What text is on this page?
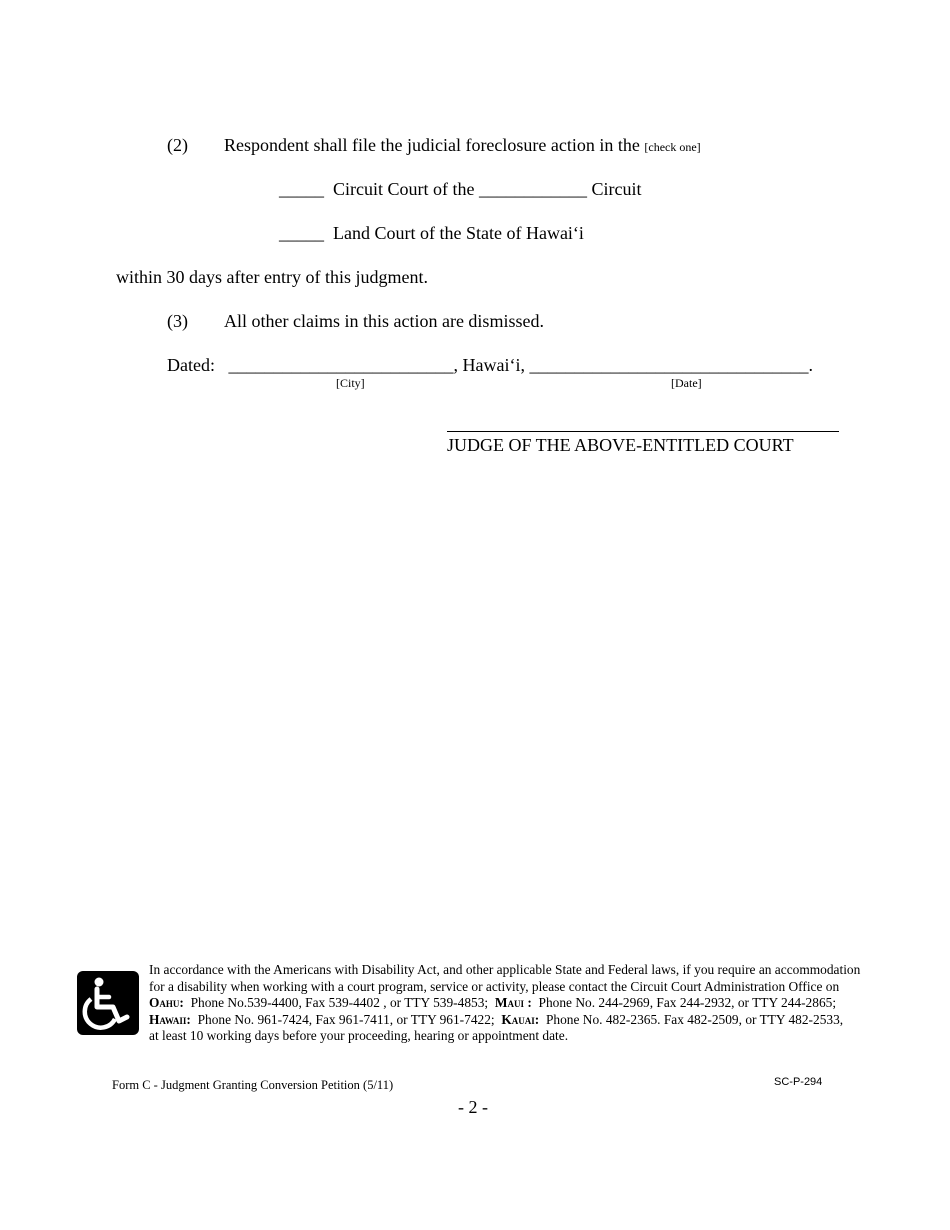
(2) Respondent shall file the judicial foreclosure action in the [check one]
_____ Circuit Court of the ____________ Circuit
_____ Land Court of the State of Hawai‘i
within 30 days after entry of this judgment.
(3) All other claims in this action are dismissed.
Dated: _________________________, Hawai‘i, _______________________________.
[City]	[Date]
JUDGE OF THE ABOVE-ENTITLED COURT
In accordance with the Americans with Disability Act, and other applicable State and Federal laws, if you require an accommodation
for a disability when working with a court program, service or activity, please contact the Circuit Court Administration Office on
Oahu: Phone No.539-4400, Fax 539-4402 , or TTY 539-4853; Maui : Phone No. 244-2969, Fax 244-2932, or TTY 244-2865;
Hawaii: Phone No. 961-7424, Fax 961-7411, or TTY 961-7422; Kauai: Phone No. 482-2365. Fax 482-2509, or TTY 482-2533,
at least 10 working days before your proceeding, hearing or appointment date.
Form C - Judgment Granting Conversion Petition (5/11)	SC-P-294
- 2 -
